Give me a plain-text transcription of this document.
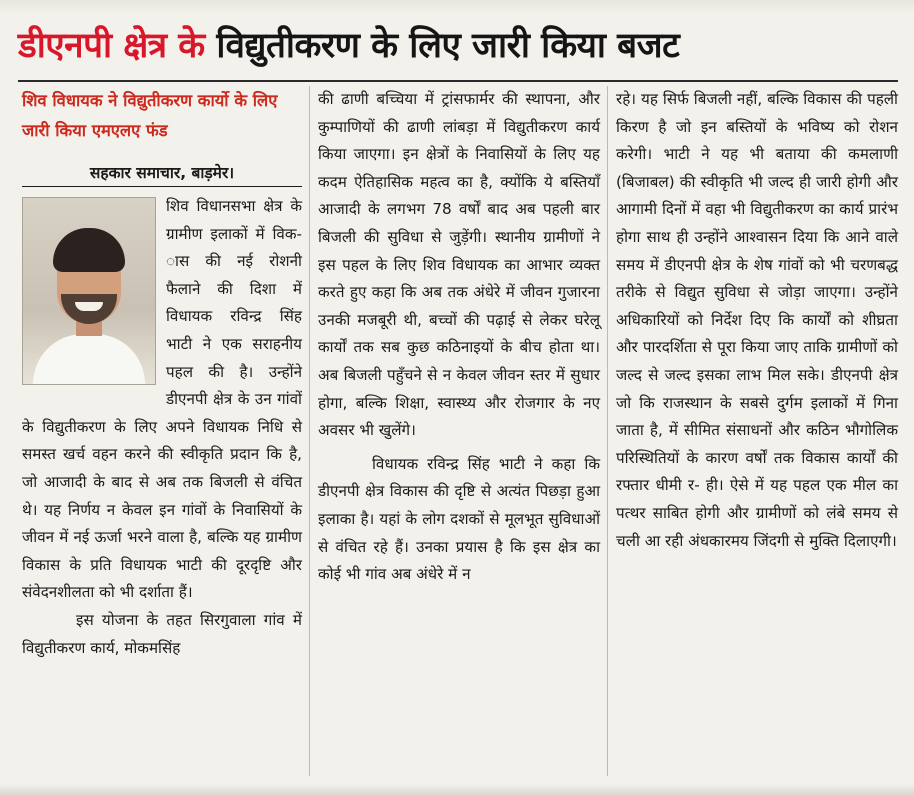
डीएनपी क्षेत्र के विद्युतीकरण के लिए जारी किया बजट
शिव विधायक ने विद्युतीकरण कार्यो के लिए जारी किया एमएलए फंड
सहकार समाचार, बाड़मेर।

शिव विधानसभा क्षेत्र के ग्रामीण इलाकों में विक- ास की नई रोशनी फैलाने की दिशा में विधायक रविन्द्र सिंह भाटी ने एक सराहनीय पहल की है। उन्होंने डीएनपी क्षेत्र के उन गांवों के विद्युतीकरण के लिए अपने विधायक निधि से समस्त खर्च वहन करने की स्वीकृति प्रदान कि है, जो आजादी के बाद से अब तक बिजली से वंचित थे। यह निर्णय न केवल इन गांवों के निवासियों के जीवन में नई ऊर्जा भरने वाला है, बल्कि यह ग्रामीण विकास के प्रति विधायक भाटी की दूरदृष्टि और संवेदनशीलता को भी दर्शाता हैं।

इस योजना के तहत सिरगुवाला गांव में विद्युतीकरण कार्य, मोकमसिंह

की ढाणी बच्चिया में ट्रांसफार्मर की स्थापना, और कुम्पाणियों की ढाणी लांबड़ा में विद्युतीकरण कार्य किया जाएगा। इन क्षेत्रों के निवासियों के लिए यह कदम ऐतिहासिक महत्व का है, क्योंकि ये बस्तियाँ आजादी के लगभग 78 वर्षों बाद अब पहली बार बिजली की सुविधा से जुड़ेंगी। स्थानीय ग्रामीणों ने इस पहल के लिए शिव विधायक का आभार व्यक्त करते हुए कहा कि अब तक अंधेरे में जीवन गुजारना उनकी मजबूरी थी, बच्चों की पढ़ाई से लेकर घरेलू कार्यों तक सब कुछ कठिनाइयों के बीच होता था। अब बिजली पहुँचने से न केवल जीवन स्तर में सुधार होगा, बल्कि शिक्षा, स्वास्थ्य और रोजगार के नए अवसर भी खुलेंगे।

विधायक रविन्द्र सिंह भाटी ने कहा कि डीएनपी क्षेत्र विकास की दृष्टि से अत्यंत पिछड़ा हुआ इलाका है। यहां के लोग दशकों से मूलभूत सुविधाओं से वंचित रहे हैं। उनका प्रयास है कि इस क्षेत्र का कोई भी गांव अब अंधेरे में न

रहे। यह सिर्फ बिजली नहीं, बल्कि विकास की पहली किरण है जो इन बस्तियों के भविष्य को रोशन करेगी। भाटी ने यह भी बताया की कमलाणी (बिजाबल) की स्वीकृति भी जल्द ही जारी होगी और आगामी दिनों में वहा भी विद्युतीकरण का कार्य प्रारंभ होगा साथ ही उन्होंने आश्वासन दिया कि आने वाले समय में डीएनपी क्षेत्र के शेष गांवों को भी चरणबद्ध तरीके से विद्युत सुविधा से जोड़ा जाएगा। उन्होंने अधिकारियों को निर्देश दिए कि कार्यों को शीघ्रता और पारदर्शिता से पूरा किया जाए ताकि ग्रामीणों को जल्द से जल्द इसका लाभ मिल सके। डीएनपी क्षेत्र जो कि राजस्थान के सबसे दुर्गम इलाकों में गिना जाता है, में सीमित संसाधनों और कठिन भौगोलिक परिस्थितियों के कारण वर्षों तक विकास कार्यों की रफ्तार धीमी र- ही। ऐसे में यह पहल एक मील का पत्थर साबित होगी और ग्रामीणों को लंबे समय से चली आ रही अंधकारमय जिंदगी से मुक्ति दिलाएगी।
